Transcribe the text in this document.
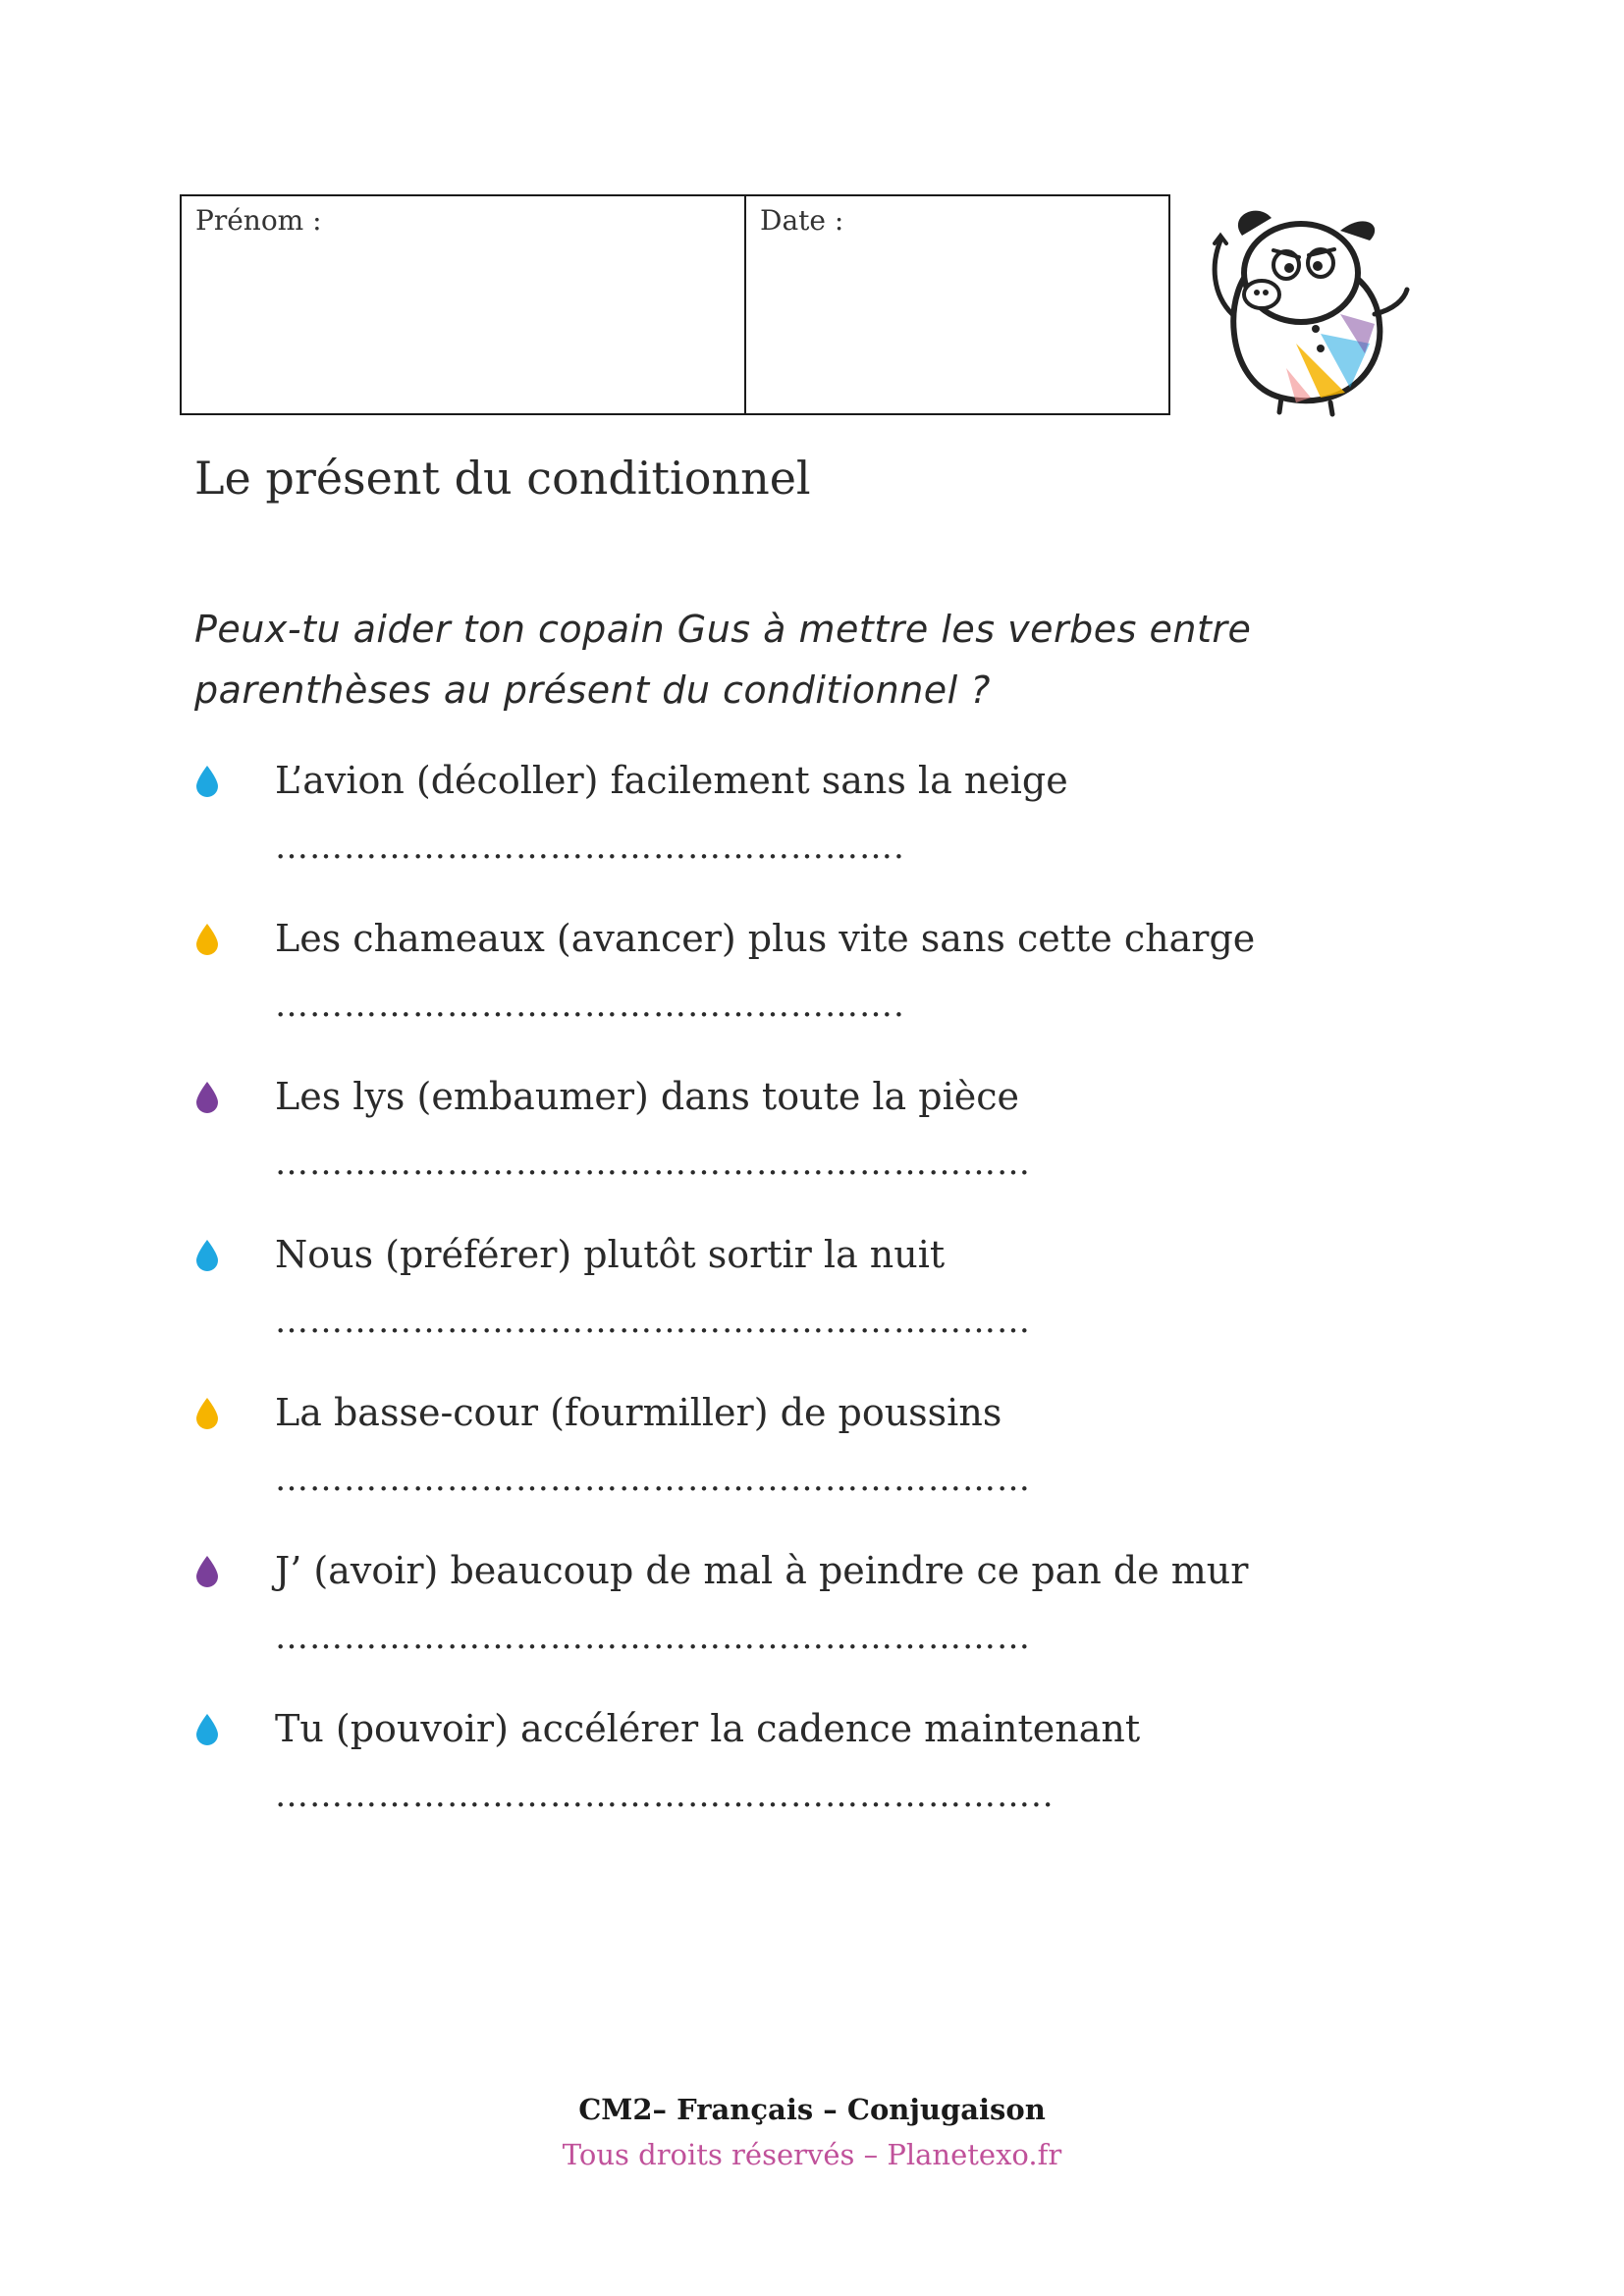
Prénom :	Date :
Le présent du conditionnel
Peux-tu aider ton copain Gus à mettre les verbes entre parenthèses au présent du conditionnel ?
L’avion (décoller) facilement sans la neige
……………………………………………….
Les chameaux (avancer) plus vite sans cette charge
……………………………………………….
Les lys (embaumer) dans toute la pièce
…………………………………………………………
Nous (préférer) plutôt sortir la nuit
…………………………………………………………
La basse-cour (fourmiller) de poussins
…………………………………………………………
J’ (avoir) beaucoup de mal à peindre ce pan de mur
…………………………………………………………
Tu (pouvoir) accélérer la cadence maintenant
…………………………………………………………..
CM2– Français – Conjugaison
Tous droits réservés – Planetexo.fr
